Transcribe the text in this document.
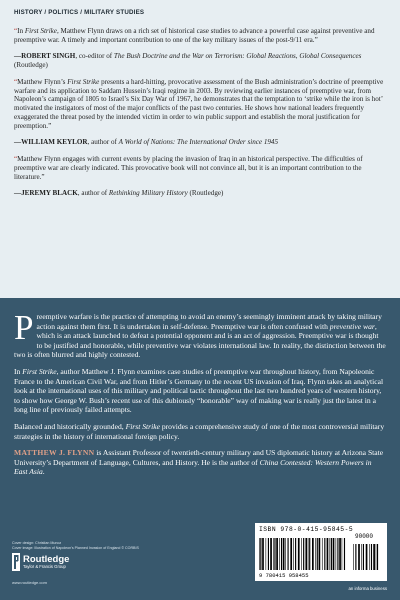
HISTORY / POLITICS / MILITARY STUDIES

“In First Strike, Matthew Flynn draws on a rich set of historical case studies to advance a powerful case against preventive and preemptive war. A timely and important contribution to one of the key military issues of the post-9/11 era.”

—ROBERT SINGH, co-editor of The Bush Doctrine and the War on Terrorism: Global Reactions, Global Consequences (Routledge)

“Matthew Flynn’s First Strike presents a hard-hitting, provocative assessment of the Bush administration’s doctrine of preemptive warfare and its application to Saddam Hussein’s Iraqi regime in 2003. By reviewing earlier instances of preemptive war, from Napoleon’s campaign of 1805 to Israel’s Six Day War of 1967, he demonstrates that the temptation to ‘strike while the iron is hot’ motivated the instigators of most of the major conflicts of the past two centuries. He shows how national leaders frequently exaggerated the threat posed by the intended victim in order to win public support and establish the moral justification for preemption.”

—WILLIAM KEYLOR, author of A World of Nations: The International Order since 1945

“Matthew Flynn engages with current events by placing the invasion of Iraq in an historical perspective. The difficulties of preemptive war are clearly indicated. This provocative book will not convince all, but it is an important contribution to the literature.”

—JEREMY BLACK, author of Rethinking Military History (Routledge)

Preemptive warfare is the practice of attempting to avoid an enemy’s seemingly imminent attack by taking military action against them first. It is undertaken in self-defense. Preemptive war is often confused with preventive war, which is an attack launched to defeat a potential opponent and is an act of aggression. Preemptive war is thought to be justified and honorable, while preventive war violates international law. In reality, the distinction between the two is often blurred and highly contested.

In First Strike, author Matthew J. Flynn examines case studies of preemptive war throughout history, from Napoleonic France to the American Civil War, and from Hitler’s Germany to the recent US invasion of Iraq. Flynn takes an analytical look at the international uses of this military and political tactic throughout the last two hundred years of western history, to show how George W. Bush’s recent use of this dubiously “honorable” way of making war is really just the latest in a long line of previously failed attempts.

Balanced and historically grounded, First Strike provides a comprehensive study of one of the most controversial military strategies in the history of international foreign policy.

MATTHEW J. FLYNN is Assistant Professor of twentieth-century military and US diplomatic history at Arizona State University’s Department of Language, Cultures, and History. He is the author of China Contested: Western Powers in East Asia.

Cover design: Christian Munoz
Cover image: Illustration of Napoleon’s Planned Invasion of England © CORBIS
Routledge
Taylor & Francis Group
www.routledge.com
ISBN 978-0-415-95845-5
90000
9 780415 958455
an informa business
